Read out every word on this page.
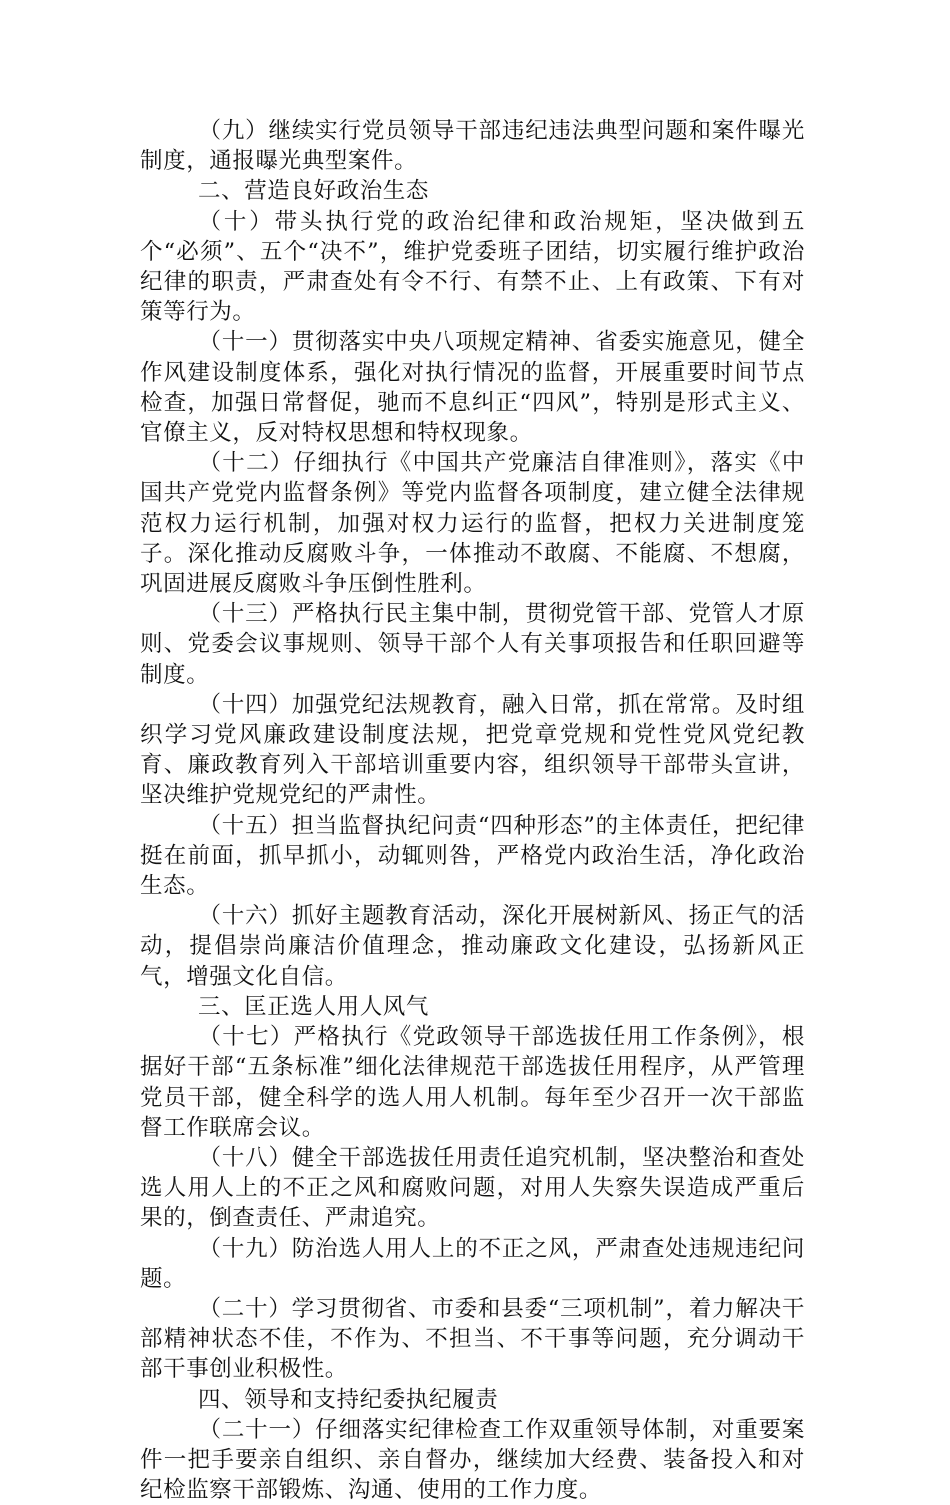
（九）继续实行党员领导干部违纪违法典型问题和案件曝光制度，通报曝光典型案件。

二、营造良好政治生态

（十）带头执行党的政治纪律和政治规矩，坚决做到五个“必须”、五个“决不”，维护党委班子团结，切实履行维护政治纪律的职责，严肃查处有令不行、有禁不止、上有政策、下有对策等行为。

（十一）贯彻落实中央八项规定精神、省委实施意见，健全作风建设制度体系，强化对执行情况的监督，开展重要时间节点检查，加强日常督促，驰而不息纠正“四风”，特别是形式主义、官僚主义，反对特权思想和特权现象。

（十二）仔细执行《中国共产党廉洁自律准则》，落实《中国共产党党内监督条例》等党内监督各项制度，建立健全法律规范权力运行机制，加强对权力运行的监督，把权力关进制度笼子。深化推动反腐败斗争，一体推动不敢腐、不能腐、不想腐，巩固进展反腐败斗争压倒性胜利。

（十三）严格执行民主集中制，贯彻党管干部、党管人才原则、党委会议事规则、领导干部个人有关事项报告和任职回避等制度。

（十四）加强党纪法规教育，融入日常，抓在常常。及时组织学习党风廉政建设制度法规，把党章党规和党性党风党纪教育、廉政教育列入干部培训重要内容，组织领导干部带头宣讲，坚决维护党规党纪的严肃性。

（十五）担当监督执纪问责“四种形态”的主体责任，把纪律挺在前面，抓早抓小，动辄则咎，严格党内政治生活，净化政治生态。

（十六）抓好主题教育活动，深化开展树新风、扬正气的活动，提倡崇尚廉洁价值理念，推动廉政文化建设，弘扬新风正气，增强文化自信。

三、匡正选人用人风气

（十七）严格执行《党政领导干部选拔任用工作条例》，根据好干部“五条标准”细化法律规范干部选拔任用程序，从严管理党员干部，健全科学的选人用人机制。每年至少召开一次干部监督工作联席会议。

（十八）健全干部选拔任用责任追究机制，坚决整治和查处选人用人上的不正之风和腐败问题，对用人失察失误造成严重后果的，倒查责任、严肃追究。

（十九）防治选人用人上的不正之风，严肃查处违规违纪问题。

（二十）学习贯彻省、市委和县委“三项机制”，着力解决干部精神状态不佳，不作为、不担当、不干事等问题，充分调动干部干事创业积极性。

四、领导和支持纪委执纪履责

（二十一）仔细落实纪律检查工作双重领导体制，对重要案件一把手要亲自组织、亲自督办，继续加大经费、装备投入和对纪检监察干部锻炼、沟通、使用的工作力度。
